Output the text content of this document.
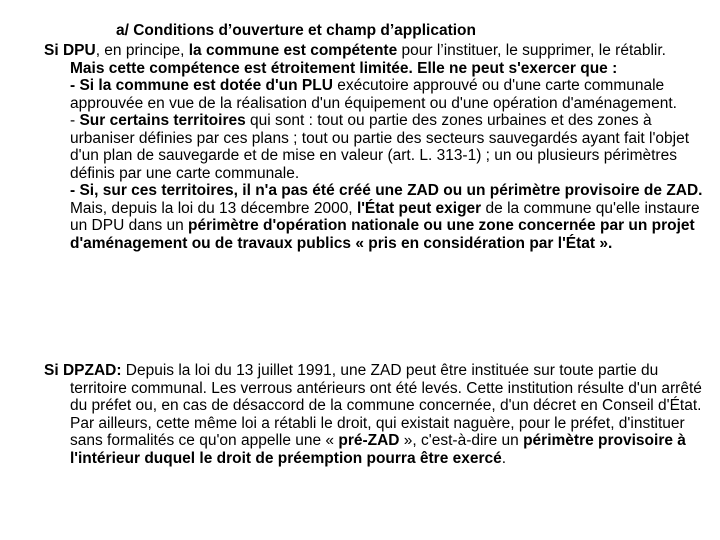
a/ Conditions d’ouverture et champ d’application

Si DPU, en principe, la commune est compétente pour l’instituer, le supprimer, le rétablir. Mais cette compétence est étroitement limitée. Elle ne peut s'exercer que :

- Si la commune est dotée d'un PLU exécutoire approuvé ou d'une carte communale approuvée en vue de la réalisation d'un équipement ou d'une opération d'aménagement.

- Sur certains territoires qui sont : tout ou partie des zones urbaines et des zones à urbaniser définies par ces plans ; tout ou partie des secteurs sauvegardés ayant fait l'objet d'un plan de sauvegarde et de mise en valeur (art. L. 313-1) ; un ou plusieurs périmètres définis par une carte communale.

- Si, sur ces territoires, il n'a pas été créé une ZAD ou un périmètre provisoire de ZAD.

Mais, depuis la loi du 13 décembre 2000, l'État peut exiger de la commune qu'elle instaure un DPU dans un périmètre d'opération nationale ou une zone concernée par un projet d'aménagement ou de travaux publics « pris en considération par l'État ».

Si DPZAD: Depuis la loi du 13 juillet 1991, une ZAD peut être instituée sur toute partie du territoire communal. Les verrous antérieurs ont été levés. Cette institution résulte d'un arrêté du préfet ou, en cas de désaccord de la commune concernée, d'un décret en Conseil d'État.

Par ailleurs, cette même loi a rétabli le droit, qui existait naguère, pour le préfet, d'instituer sans formalités ce qu'on appelle une « pré-ZAD », c'est-à-dire un périmètre provisoire à l'intérieur duquel le droit de préemption pourra être exercé.
